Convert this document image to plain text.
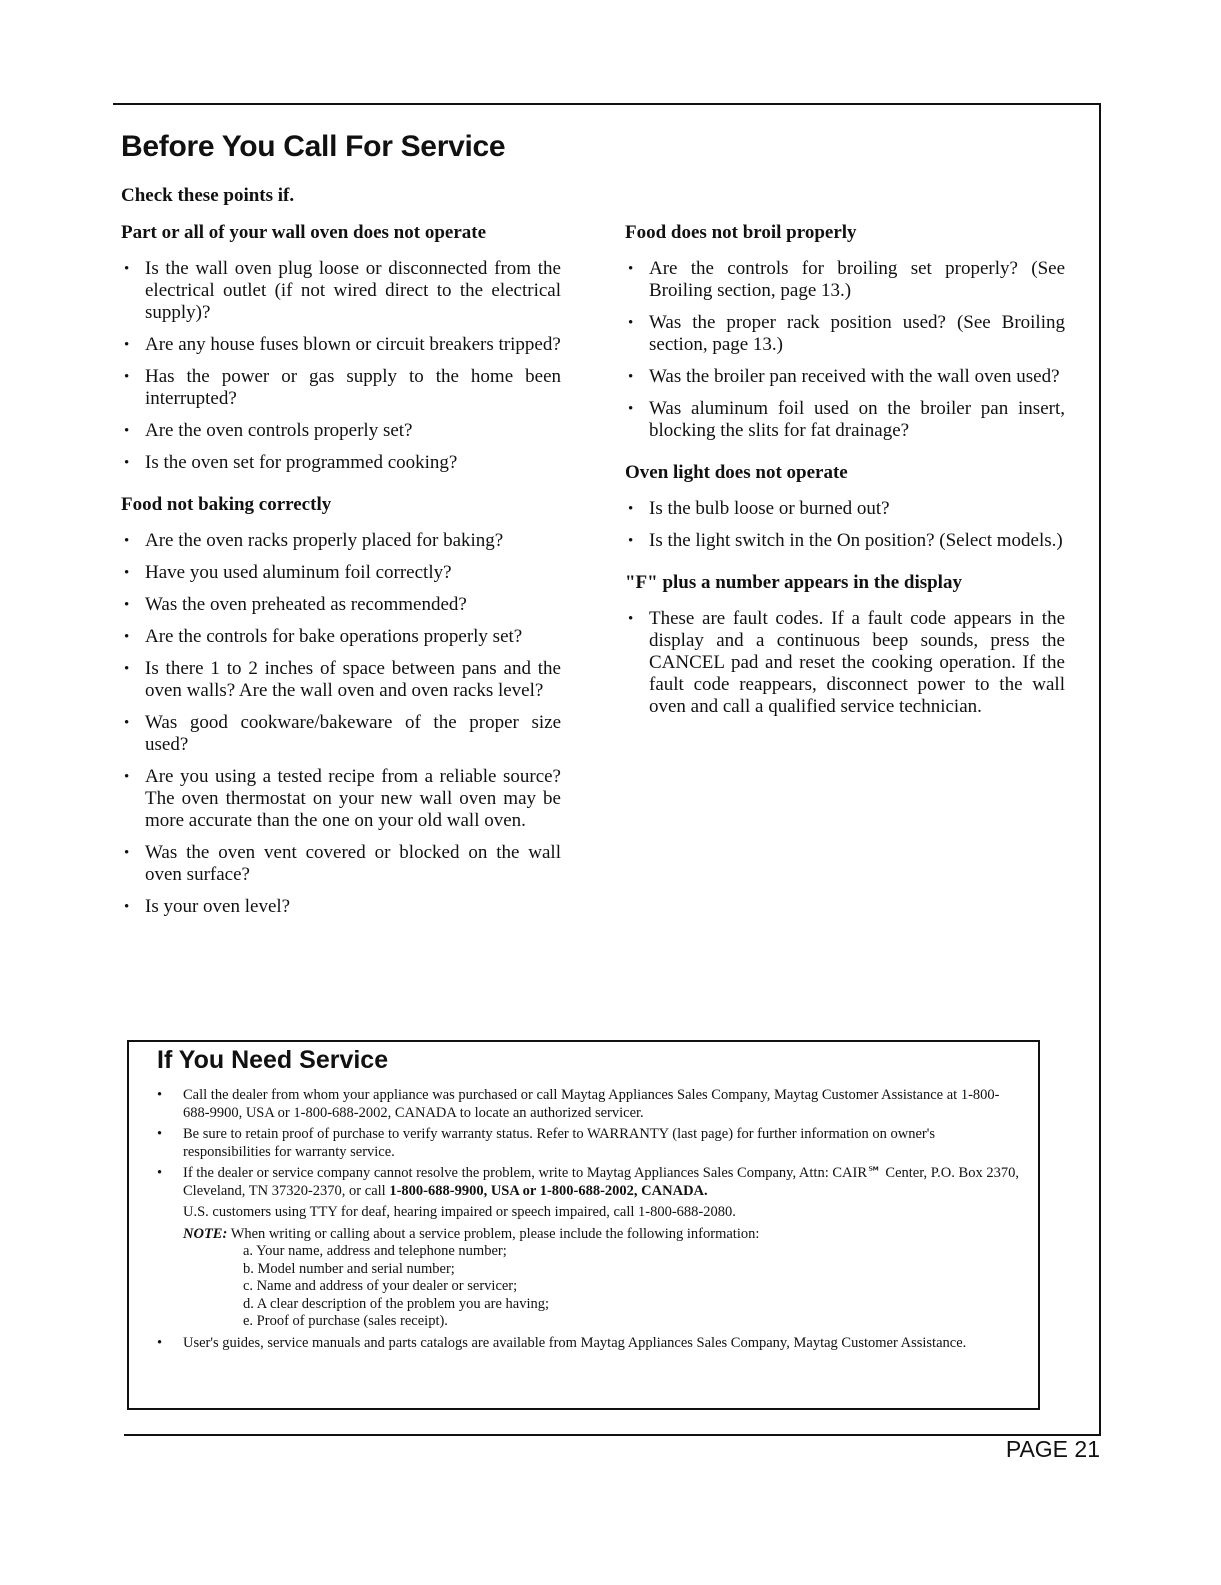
Before You Call For Service

Check these points if.

Part or all of your wall oven does not operate

• Is the wall oven plug loose or disconnected from the electrical outlet (if not wired direct to the electrical supply)?
• Are any house fuses blown or circuit breakers tripped?
• Has the power or gas supply to the home been interrupted?
• Are the oven controls properly set?
• Is the oven set for programmed cooking?

Food not baking correctly

• Are the oven racks properly placed for baking?
• Have you used aluminum foil correctly?
• Was the oven preheated as recommended?
• Are the controls for bake operations properly set?
• Is there 1 to 2 inches of space between pans and the oven walls? Are the wall oven and oven racks level?
• Was good cookware/bakeware of the proper size used?
• Are you using a tested recipe from a reliable source? The oven thermostat on your new wall oven may be more accurate than the one on your old wall oven.
• Was the oven vent covered or blocked on the wall oven surface?
• Is your oven level?

Food does not broil properly

• Are the controls for broiling set properly? (See Broiling section, page 13.)
• Was the proper rack position used? (See Broiling section, page 13.)
• Was the broiler pan received with the wall oven used?
• Was aluminum foil used on the broiler pan insert, blocking the slits for fat drainage?

Oven light does not operate

• Is the bulb loose or burned out?
• Is the light switch in the On position? (Select models.)

"F" plus a number appears in the display

• These are fault codes. If a fault code appears in the display and a continuous beep sounds, press the CANCEL pad and reset the cooking operation. If the fault code reappears, disconnect power to the wall oven and call a qualified service technician.
If You Need Service
• Call the dealer from whom your appliance was purchased or call Maytag Appliances Sales Company, Maytag Customer Assistance at 1-800-688-9900, USA or 1-800-688-2002, CANADA to locate an authorized servicer.
• Be sure to retain proof of purchase to verify warranty status. Refer to WARRANTY (last page) for further information on owner's responsibilities for warranty service.
• If the dealer or service company cannot resolve the problem, write to Maytag Appliances Sales Company, Attn: CAIR℠ Center, P.O. Box 2370, Cleveland, TN 37320-2370, or call 1-800-688-9900, USA or 1-800-688-2002, CANADA.
U.S. customers using TTY for deaf, hearing impaired or speech impaired, call 1-800-688-2080.
NOTE: When writing or calling about a service problem, please include the following information:
a. Your name, address and telephone number;
b. Model number and serial number;
c. Name and address of your dealer or servicer;
d. A clear description of the problem you are having;
e. Proof of purchase (sales receipt).
• User's guides, service manuals and parts catalogs are available from Maytag Appliances Sales Company, Maytag Customer Assistance.
PAGE 21
